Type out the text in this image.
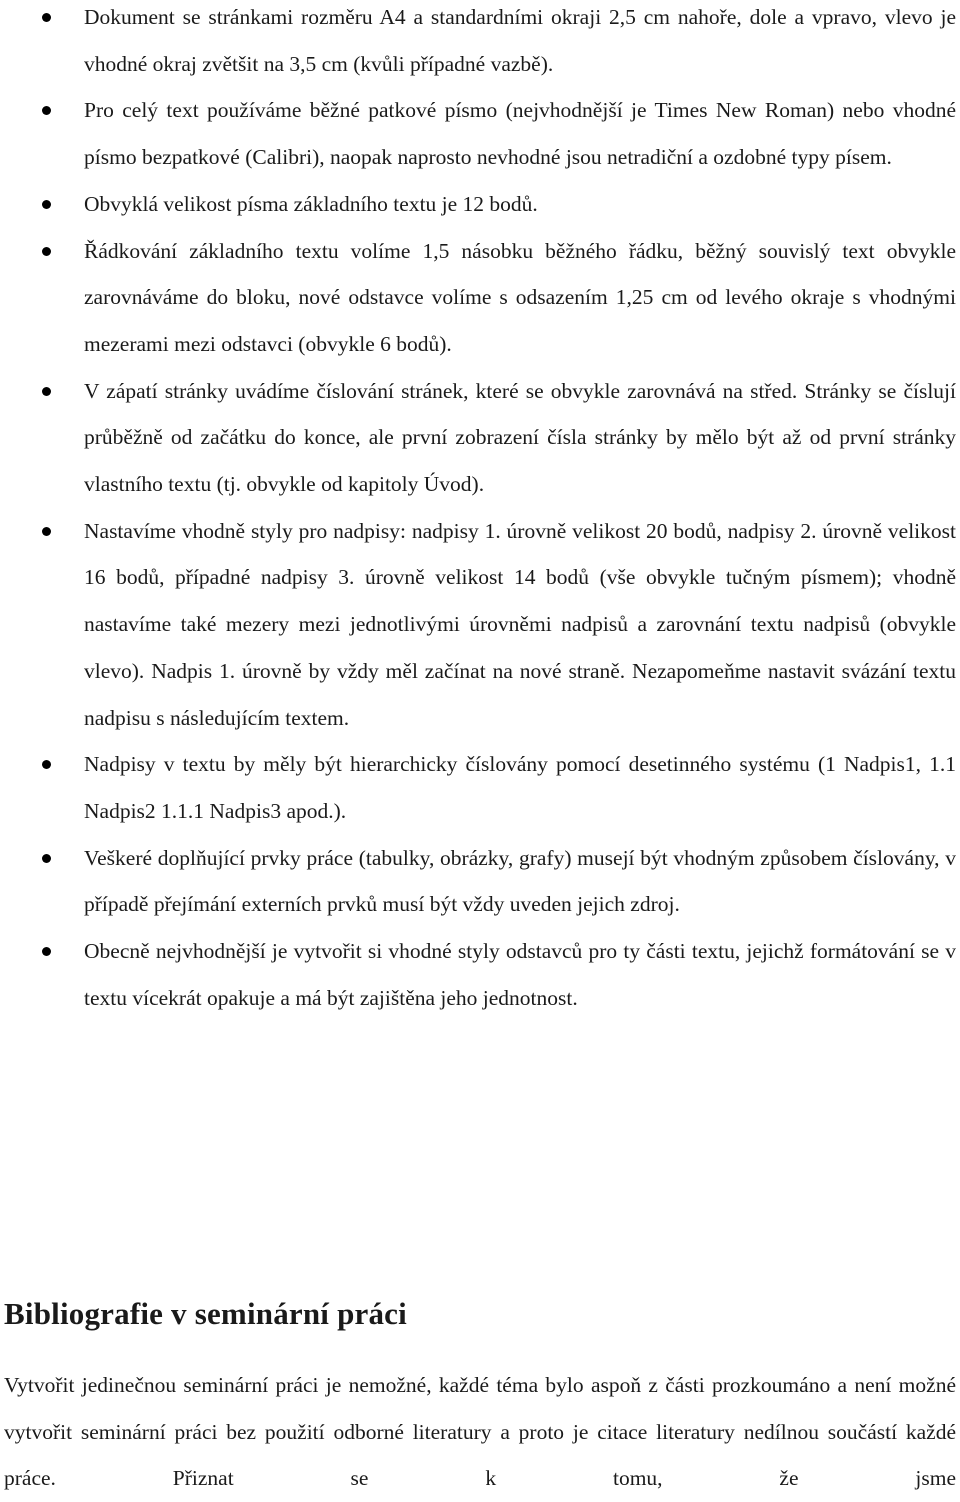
Dokument se stránkami rozměru A4 a standardními okraji 2,5 cm nahoře, dole a vpravo, vlevo je vhodné okraj zvětšit na 3,5 cm (kvůli případné vazbě).
Pro celý text používáme běžné patkové písmo (nejvhodnější je Times New Roman) nebo vhodné písmo bezpatkové (Calibri), naopak naprosto nevhodné jsou netradiční a ozdobné typy písem.
Obvyklá velikost písma základního textu je 12 bodů.
Řádkování základního textu volíme 1,5 násobku běžného řádku, běžný souvislý text obvykle zarovnáváme do bloku, nové odstavce volíme s odsazením 1,25 cm od levého okraje s vhodnými mezerami mezi odstavci (obvykle 6 bodů).
V zápatí stránky uvádíme číslování stránek, které se obvykle zarovnává na střed. Stránky se číslují průběžně od začátku do konce, ale první zobrazení čísla stránky by mělo být až od první stránky vlastního textu (tj. obvykle od kapitoly Úvod).
Nastavíme vhodně styly pro nadpisy: nadpisy 1. úrovně velikost 20 bodů, nadpisy 2. úrovně velikost 16 bodů, případné nadpisy 3. úrovně velikost 14 bodů (vše obvykle tučným písmem); vhodně nastavíme také mezery mezi jednotlivými úrovněmi nadpisů a zarovnání textu nadpisů (obvykle vlevo). Nadpis 1. úrovně by vždy měl začínat na nové straně. Nezapomeňme nastavit svázání textu nadpisu s následujícím textem.
Nadpisy v textu by měly být hierarchicky číslovány pomocí desetinného systému (1 Nadpis1, 1.1 Nadpis2 1.1.1 Nadpis3 apod.).
Veškeré doplňující prvky práce (tabulky, obrázky, grafy) musejí být vhodným způsobem číslovány, v případě přejímání externích prvků musí být vždy uveden jejich zdroj.
Obecně nejvhodnější je vytvořit si vhodné styly odstavců pro ty části textu, jejichž formátování se v textu vícekrát opakuje a má být zajištěna jeho jednotnost.
Bibliografie v seminární práci

Vytvořit jedinečnou seminární práci je nemožné, každé téma bylo aspoň z části prozkoumáno a není možné vytvořit seminární práci bez použití odborné literatury a proto je citace literatury nedílnou součástí každé práce. Přiznat se k tomu, že jsme
